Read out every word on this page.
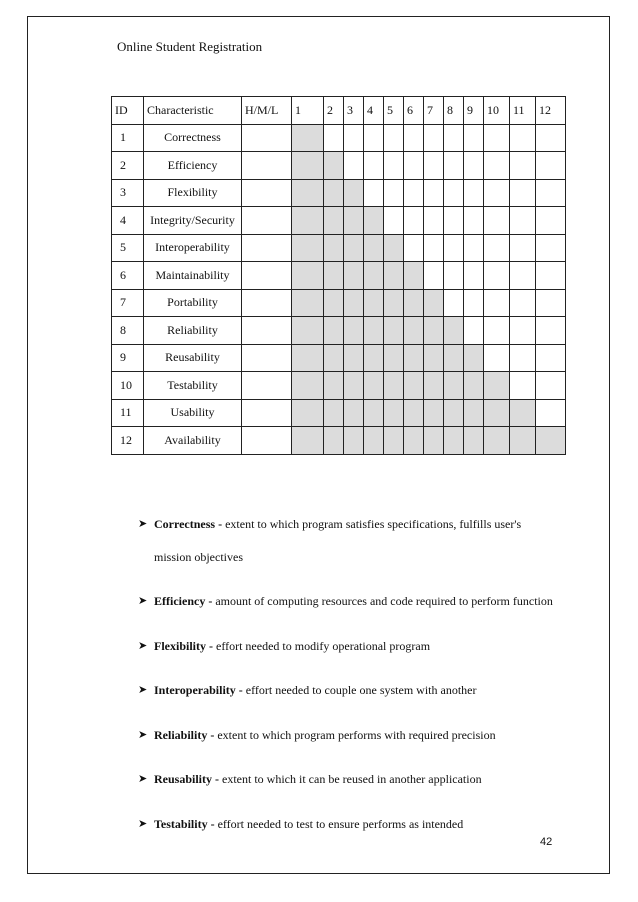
Online Student Registration
ID	Characteristic	H/M/L	1	2	3	4	5	6	7	8	9	10	11	12
1	Correctness													
2	Efficiency													
3	Flexibility													
4	Integrity/Security													
5	Interoperability													
6	Maintainability													
7	Portability													
8	Reliability													
9	Reusability													
10	Testability													
11	Usability													
12	Availability													
➤ Correctness - extent to which program satisfies specifications, fulfills user's mission objectives
➤ Efficiency - amount of computing resources and code required to perform function
➤ Flexibility - effort needed to modify operational program
➤ Interoperability - effort needed to couple one system with another
➤ Reliability - extent to which program performs with required precision
➤ Reusability - extent to which it can be reused in another application
➤ Testability - effort needed to test to ensure performs as intended
42
